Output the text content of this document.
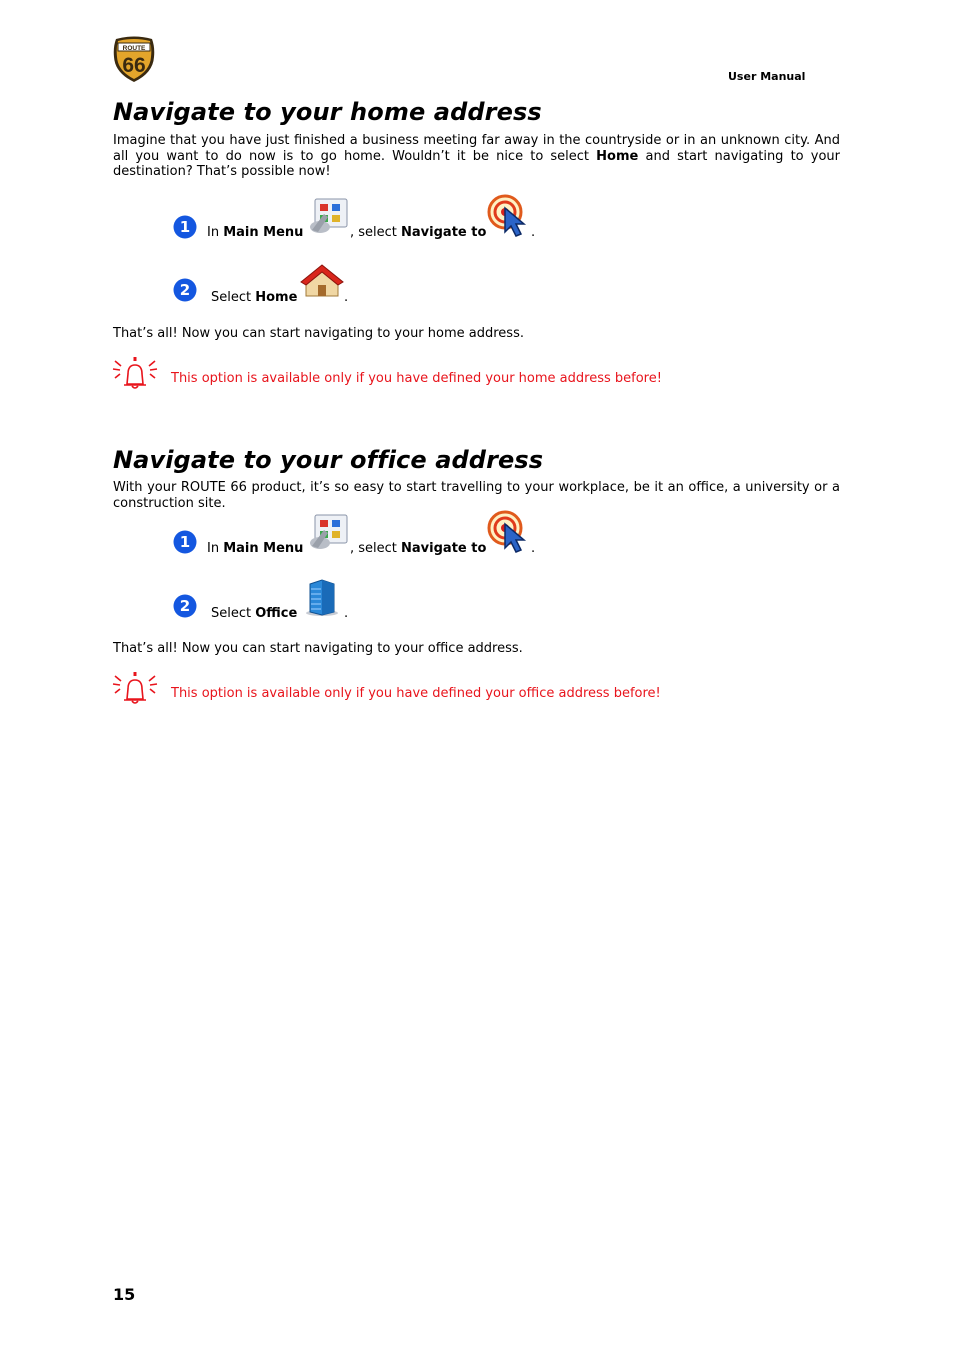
ROUTE
66	User Manual
Navigate to your home address

Imagine that you have just finished a business meeting far away in the countryside or in an unknown city. And all you want to do now is to go home. Wouldn’t it be nice to select Home and start navigating to your destination? That’s possible now!

1 In Main Menu	, select Navigate to	.
2 Select Home	.

That’s all! Now you can start navigating to your home address.

This option is available only if you have defined your home address before!
Navigate to your office address

With your ROUTE 66 product, it’s so easy to start travelling to your workplace, be it an office, a university or a construction site.

1 In Main Menu	, select Navigate to	.
2 Select Office	.

That’s all! Now you can start navigating to your office address.

This option is available only if you have defined your office address before!
15
